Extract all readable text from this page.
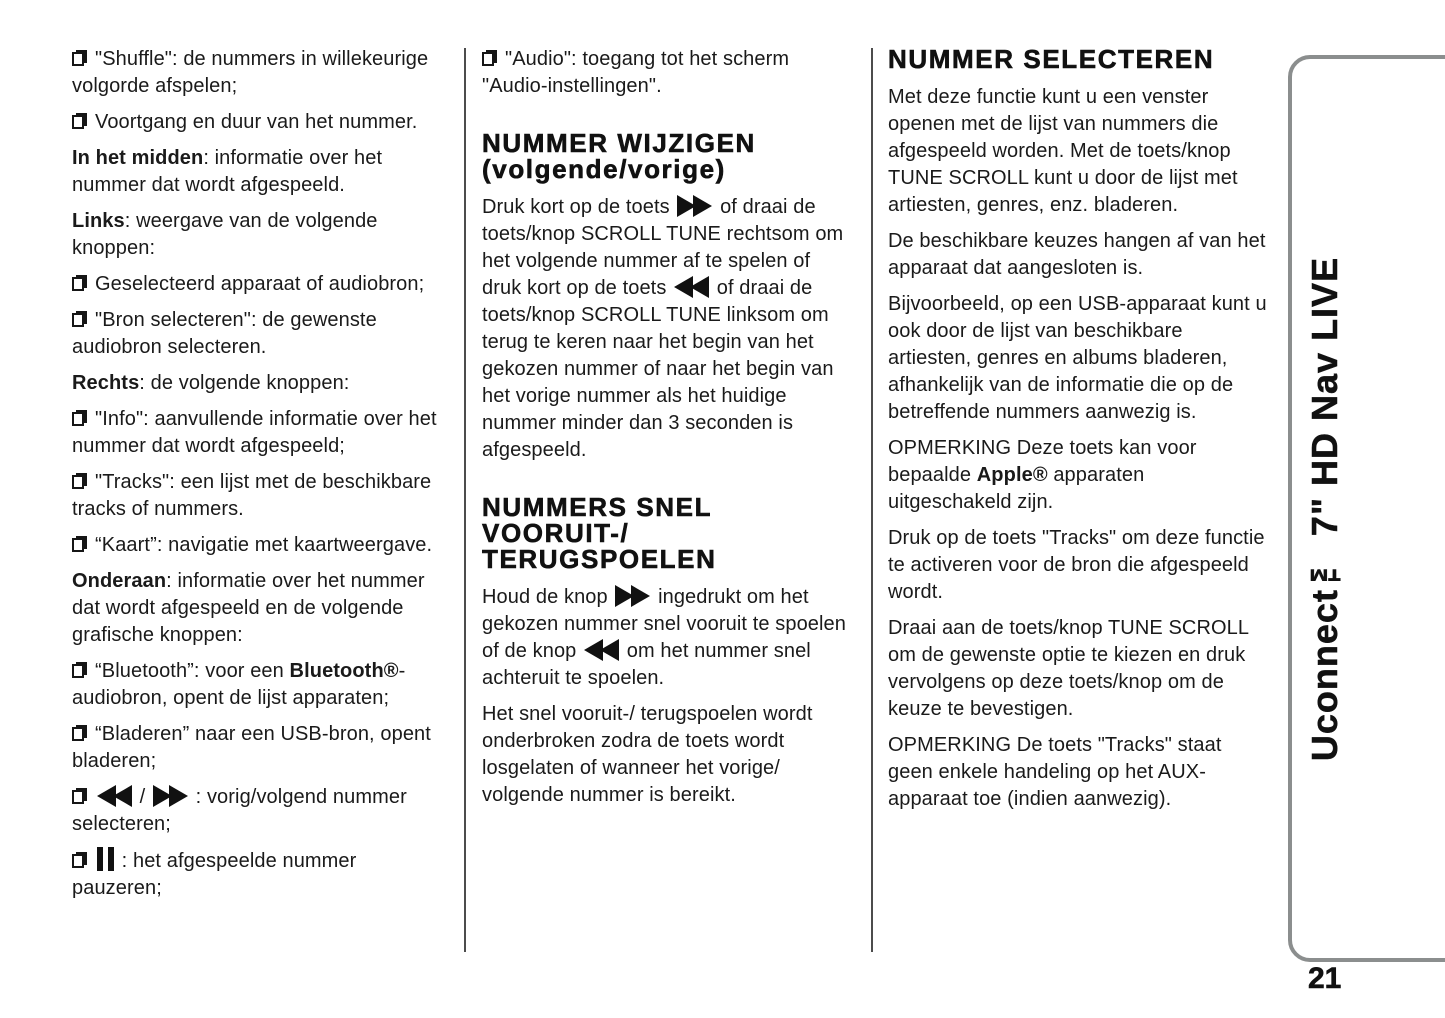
"Shuffle": de nummers in willekeurige volgorde afspelen;

Voortgang en duur van het nummer.

In het midden: informatie over het nummer dat wordt afgespeeld.

Links: weergave van de volgende knoppen:

Geselecteerd apparaat of audiobron;

"Bron selecteren": de gewenste audiobron selecteren.

Rechts: de volgende knoppen:

"Info": aanvullende informatie over het nummer dat wordt afgespeeld;

"Tracks": een lijst met de beschikbare tracks of nummers.

“Kaart”: navigatie met kaartweergave.

Onderaan: informatie over het nummer dat wordt afgespeeld en de volgende grafische knoppen:

“Bluetooth”: voor een Bluetooth®-audiobron, opent de lijst apparaten;

“Bladeren” naar een USB-bron, opent bladeren;

/
: vorig/volgend nummer selecteren;

: het afgespeelde nummer pauzeren;

"Audio": toegang tot het scherm "Audio-instellingen".

NUMMER WIJZIGEN
(volgende/vorige)

Druk kort op de toets
of draai de toets/knop SCROLL TUNE rechtsom om het volgende nummer af te spelen of druk kort op de toets
of draai de toets/knop SCROLL TUNE linksom om terug te keren naar het begin van het gekozen nummer of naar het begin van het vorige nummer als het huidige nummer minder dan 3 seconden is afgespeeld.

NUMMERS SNEL
VOORUIT-/
TERUGSPOELEN

Houd de knop
ingedrukt om het gekozen nummer snel vooruit te spoelen of de knop
om het nummer snel achteruit te spoelen.

Het snel vooruit-/ terugspoelen wordt onderbroken zodra de toets wordt losgelaten of wanneer het vorige/ volgende nummer is bereikt.

NUMMER SELECTEREN

Met deze functie kunt u een venster openen met de lijst van nummers die afgespeeld worden. Met de toets/knop TUNE SCROLL kunt u door de lijst met artiesten, genres, enz. bladeren.

De beschikbare keuzes hangen af van het apparaat dat aangesloten is.

Bijvoorbeeld, op een USB-apparaat kunt u ook door de lijst van beschikbare artiesten, genres en albums bladeren, afhankelijk van de informatie die op de betreffende nummers aanwezig is.

OPMERKING Deze toets kan voor bepaalde Apple® apparaten uitgeschakeld zijn.

Druk op de toets "Tracks" om deze functie te activeren voor de bron die afgespeeld wordt.

Draai aan de toets/knop TUNE SCROLL om de gewenste optie te kiezen en druk vervolgens op deze toets/knop om de keuze te bevestigen.

OPMERKING De toets "Tracks" staat geen enkele handeling op het AUX-apparaat toe (indien aanwezig).

Uconnect™ 7" HD Nav LIVE
21
